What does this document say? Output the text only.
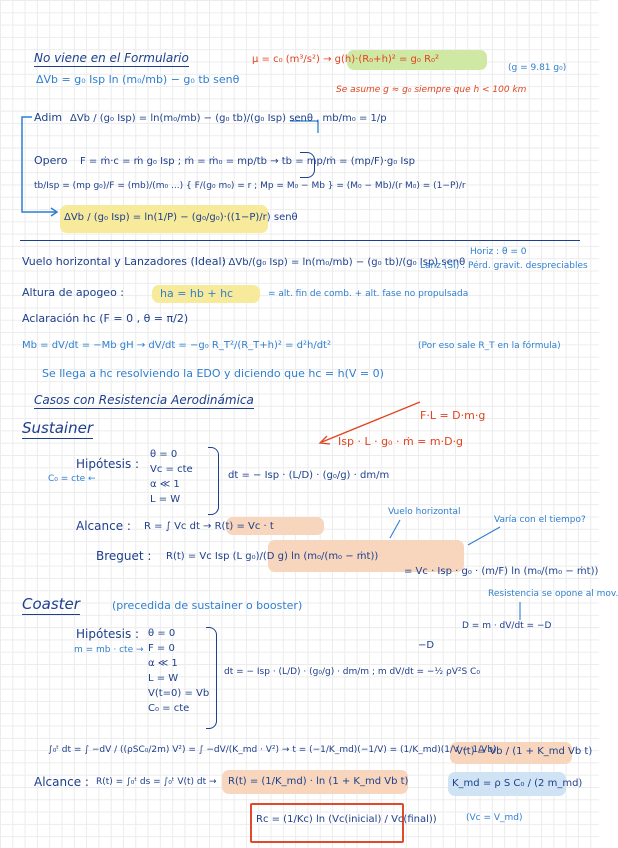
No viene en el Formulario
ΔVb = g₀ Isp ln (m₀/mb) − g₀ tb senθ
μ = c₀ (m³/s²) → g(h)·(R₀+h)² = g₀ R₀²
(g = 9.81 g₀)
Se asume g ≈ g₀ siempre que h < 100 km
Adim ΔVb / (g₀ Isp) = ln(m₀/mb) − (g₀ tb)/(g₀ Isp) senθ , mb/m₀ = 1/p
Opero F = ṁ·c = ṁ g₀ Isp ; ṁ = ṁ₀ = mp/tb → tb = mp/ṁ = (mp/F)·g₀ Isp
tb/Isp = (mp g₀)/F = (mb)/(m₀ ...) { F/(g₀ m₀) = r ; Mp = M₀ − Mb } = (M₀ − Mb)/(r M₀) = (1−P)/r
ΔVb / (g₀ Isp) = ln(1/P) − (g₀/g₀)·((1−P)/r) senθ
Vuelo horizontal y Lanzadores (Ideal)
: ΔVb/(g₀ Isp) = ln(m₀/mb) − (g₀ tb)/(g₀ Isp) senθ
Horiz : θ = 0
Lanz (SI) : Pérd. gravit. despreciables
Altura de apogeo :	ha = hb + hc	= alt. fin de comb. + alt. fase no propulsada
Aclaración hc (F = 0 , θ = π/2)
Mb = dV/dt = −Mb gH → dV/dt = −g₀ R_T²/(R_T+h)² = d²h/dt²	(Por eso sale R_T en la fórmula)
Se llega a hc resolviendo la EDO y diciendo que hc = h(V = 0)
Casos con Resistencia Aerodinámica
Sustainer
F·L = D·m·g
Isp · L · g₀ · ṁ = m·D·g
Hipótesis :
C₀ = cte ←
θ = 0
Vc = cte
α ≪ 1
L = W
dt = − Isp · (L/D) · (g₀/g) · dm/m
Vuelo horizontal
Varía con el tiempo?
Alcance : R = ∫ Vc dt → R(t) = Vc · t
Breguet : R(t) = Vc Isp (L g₀)/(D g) ln (m₀/(m₀ − ṁt))
= Vc · Isp · g₀ · (m/F) ln (m₀/(m₀ − ṁt))
Coaster	(precedida de sustainer o booster)
Resistencia se opone al mov.
D = m · dV/dt = −D
Hipótesis :
m = mb · cte →
θ = 0
F = 0
α ≪ 1
L = W
V(t=0) = Vb
C₀ = cte
−D
dt = − Isp · (L/D) · (g₀/g) · dm/m ; m dV/dt = −½ ρV²S C₀
∫₀ᵗ dt = ∫ −dV / ((ρSC₀/2m) V²) = ∫ −dV/(K_md · V²) → t = (−1/K_md)(−1/V) = (1/K_md)(1/V − 1/Vb)
V(t) = Vb / (1 + K_md Vb t)
Alcance : R(t) = ∫₀ᵗ ds = ∫₀ᵗ V(t) dt → R(t) = (1/K_md) · ln (1 + K_md Vb t)	K_md = ρ S C₀ / (2 m_md)
(Vc = V_md)
Rc = (1/Kc) ln (Vc(inicial) / Vc(final))
